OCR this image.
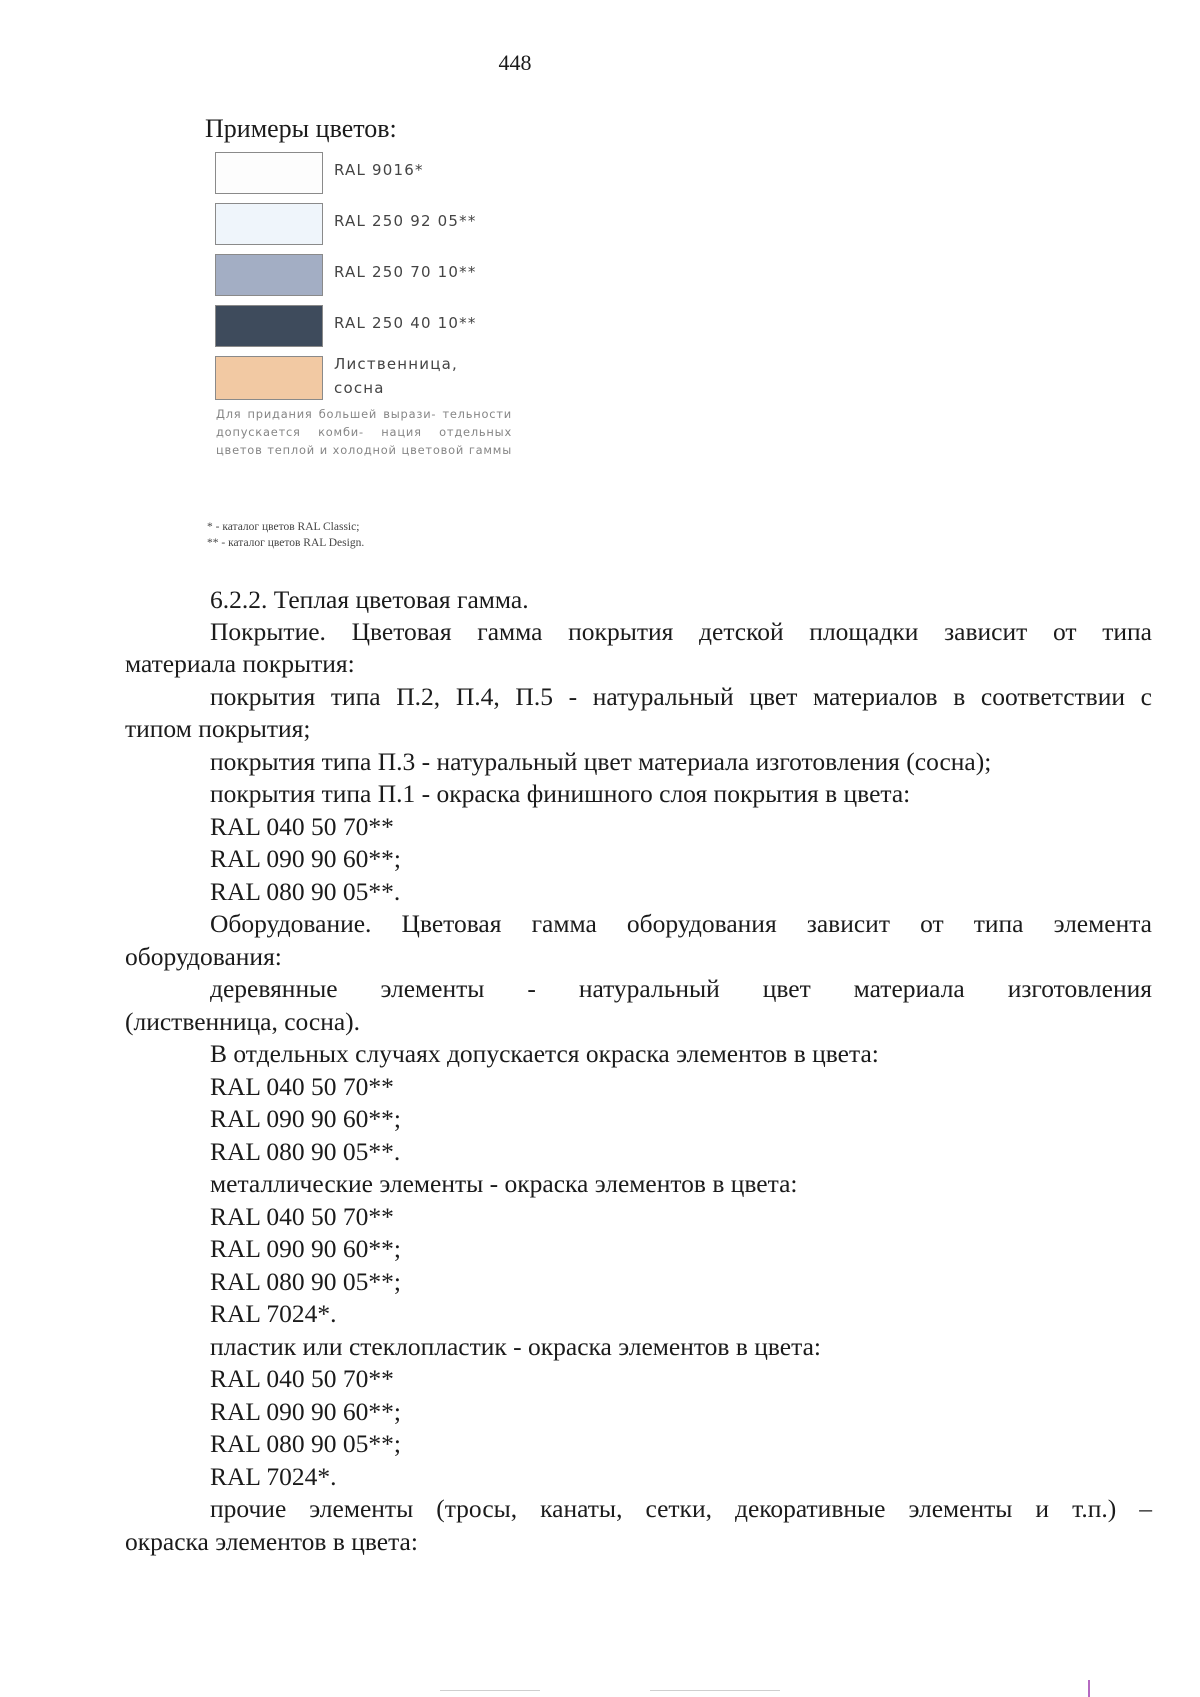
448
Примеры цветов:
RAL 9016*
RAL 250 92 05**
RAL 250 70 10**
RAL 250 40 10**
Лиственница,
сосна
Для придания большей вырази- тельности допускается комби- нация отдельных цветов теплой и холодной цветовой гаммы
* - каталог цветов RAL Classic;
** - каталог цветов RAL Design.
6.2.2. Теплая цветовая гамма.
Покрытие. Цветовая гамма покрытия детской площадки зависит от типа
материала покрытия:
покрытия типа П.2, П.4, П.5 - натуральный цвет материалов в соответствии с
типом покрытия;
покрытия типа П.3 - натуральный цвет материала изготовления (сосна);
покрытия типа П.1 - окраска финишного слоя покрытия в цвета:
RAL 040 50 70**
RAL 090 90 60**;
RAL 080 90 05**.
Оборудование. Цветовая гамма оборудования зависит от типа элемента
оборудования:
деревянные элементы - натуральный цвет материала изготовления
(лиственница, сосна).
В отдельных случаях допускается окраска элементов в цвета:
RAL 040 50 70**
RAL 090 90 60**;
RAL 080 90 05**.
металлические элементы - окраска элементов в цвета:
RAL 040 50 70**
RAL 090 90 60**;
RAL 080 90 05**;
RAL 7024*.
пластик или стеклопластик - окраска элементов в цвета:
RAL 040 50 70**
RAL 090 90 60**;
RAL 080 90 05**;
RAL 7024*.
прочие элементы (тросы, канаты, сетки, декоративные элементы и т.п.) –
окраска элементов в цвета:
